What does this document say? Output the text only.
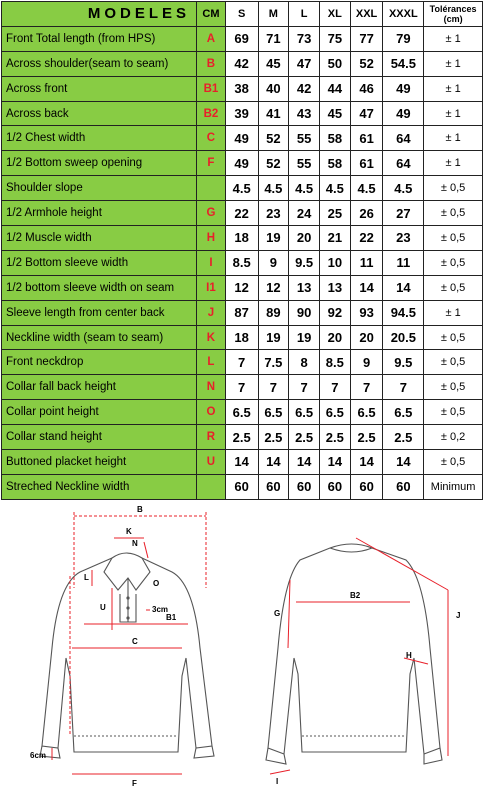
MODELES	CM	S	M	L	XL	XXL	XXXL	Tolérances
(cm)
Front Total length (from HPS)	A	69	71	73	75	77	79	± 1
Across shoulder(seam to seam)	B	42	45	47	50	52	54.5	± 1
Across front	B1	38	40	42	44	46	49	± 1
Across back	B2	39	41	43	45	47	49	± 1
1/2 Chest width	C	49	52	55	58	61	64	± 1
1/2 Bottom sweep opening	F	49	52	55	58	61	64	± 1
Shoulder slope		4.5	4.5	4.5	4.5	4.5	4.5	± 0,5
1/2 Armhole height	G	22	23	24	25	26	27	± 0,5
1/2 Muscle width	H	18	19	20	21	22	23	± 0,5
1/2 Bottom sleeve width	I	8.5	9	9.5	10	11	11	± 0,5
1/2 bottom sleeve width on seam	I1	12	12	13	13	14	14	± 0,5
Sleeve length from center back	J	87	89	90	92	93	94.5	± 1
Neckline width (seam to seam)	K	18	19	19	20	20	20.5	± 0,5
Front neckdrop	L	7	7.5	8	8.5	9	9.5	± 0,5
Collar fall back height	N	7	7	7	7	7	7	± 0,5
Collar point height	O	6.5	6.5	6.5	6.5	6.5	6.5	± 0,5
Collar stand height	R	2.5	2.5	2.5	2.5	2.5	2.5	± 0,2
Buttoned placket height	U	14	14	14	14	14	14	± 0,5
Streched Neckline width		60	60	60	60	60	60	Minimum
B
K
N
O
L
U	3cm
B1
C
6cm
F
B2
G	J
H
I
